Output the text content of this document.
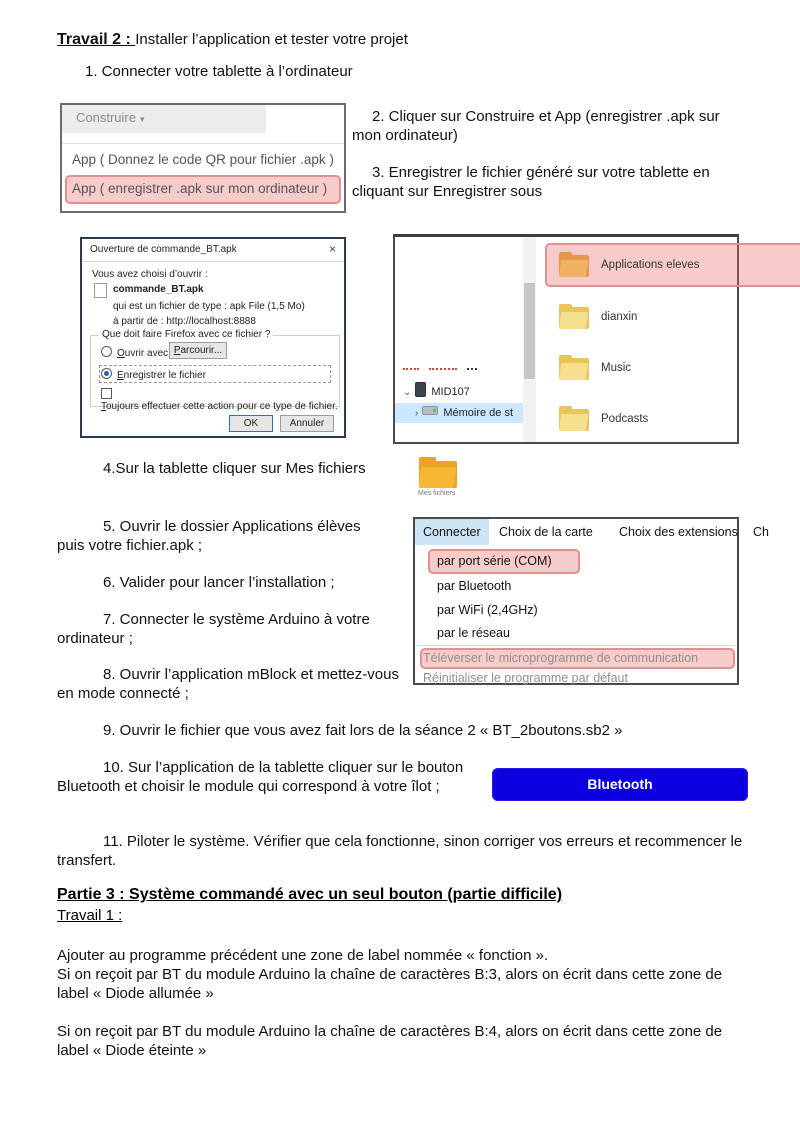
Travail 2 : Installer l’application et tester votre projet
1. Connecter votre tablette à l’ordinateur
Construire ▾
App ( Donnez le code QR pour fichier .apk )
App ( enregistrer .apk sur mon ordinateur )
2. Cliquer sur Construire et App (enregistrer .apk sur mon ordinateur)
3. Enregistrer le fichier généré sur votre tablette en cliquant sur Enregistrer sous
Ouverture de commande_BT.apk	×
Vous avez choisi d’ouvrir :
commande_BT.apk
qui est un fichier de type : apk File (1,5 Mo)
à partir de : http://localhost:8888
Que doit faire Firefox avec ce fichier ?
Ouvrir avec Parcourir...
Enregistrer le fichier
Toujours effectuer cette action pour ce type de fichier.
OK	Annuler
⌄ MID107
› Mémoire de st
Applications eleves
dianxin
Music
Podcasts
4.Sur la tablette cliquer sur Mes fichiers
Mes fichiers
5. Ouvrir le dossier Applications élèves puis votre fichier.apk ;
Connecter	Choix de la carte	Choix des extensions	Ch
par port série (COM)
par Bluetooth
par WiFi (2,4GHz)
par le réseau
Téléverser le microprogramme de communication
Réinitialiser le programme par défaut
6. Valider pour lancer l’installation ;
7. Connecter le système Arduino à votre ordinateur ;
8. Ouvrir l’application mBlock et mettez-vous en mode connecté ;
9. Ouvrir le fichier que vous avez fait lors de la séance 2 « BT_2boutons.sb2 »
10. Sur l’application de la tablette cliquer sur le bouton Bluetooth et choisir le module qui correspond à votre îlot ;	Bluetooth
11. Piloter le système. Vérifier que cela fonctionne, sinon corriger vos erreurs et recommencer le transfert.
Partie 3 : Système commandé avec un seul bouton (partie difficile)
Travail 1 :
Ajouter au programme précédent une zone de label nommée « fonction ».
Si on reçoit par BT du module Arduino la chaîne de caractères B:3, alors on écrit dans cette zone de label « Diode allumée »
Si on reçoit par BT du module Arduino la chaîne de caractères B:4, alors on écrit dans cette zone de label « Diode éteinte »
